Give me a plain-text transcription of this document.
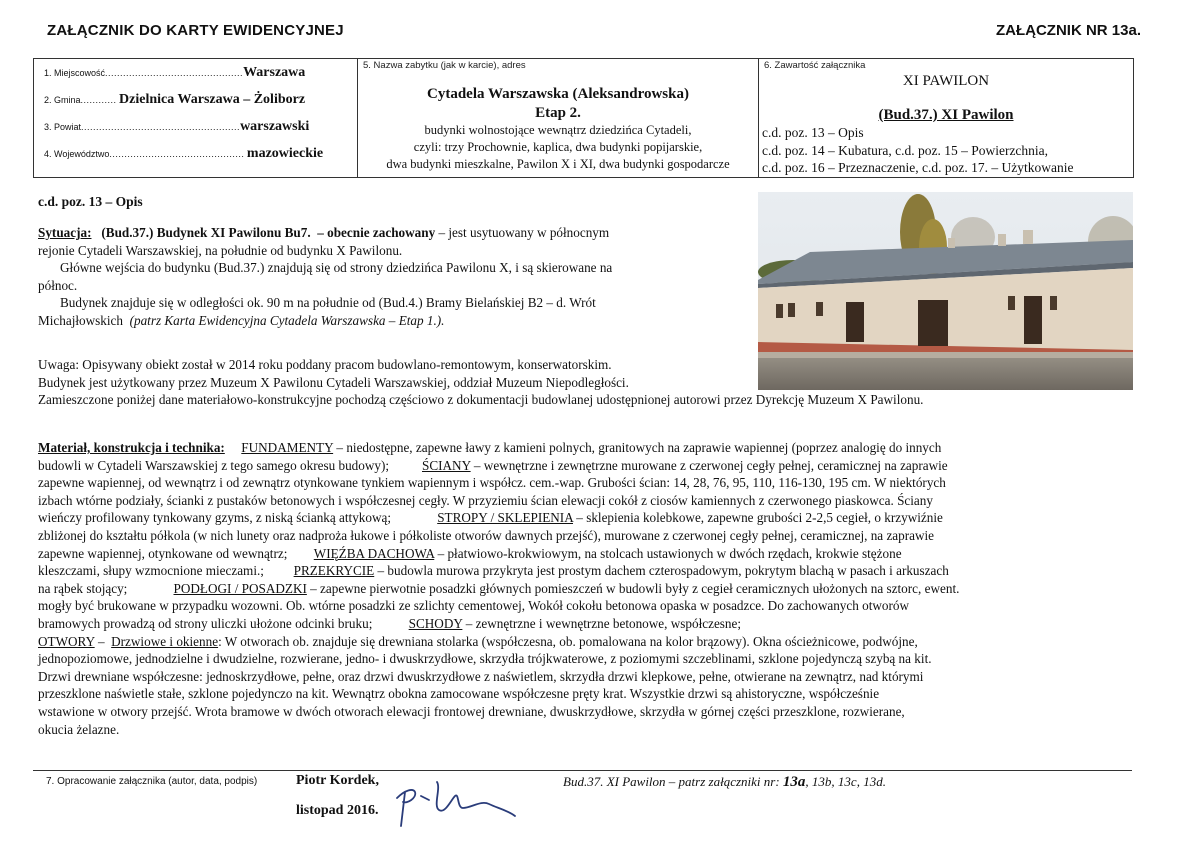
ZAŁĄCZNIK DO KARTY EWIDENCYJNEJ	ZAŁĄCZNIK NR 13a.
1. Miejscowość..............................................Warszawa
2. Gmina............ Dzielnica Warszawa – Żoliborz
3. Powiat.....................................................warszawski
4. Województwo............................................. mazowieckie
5. Nazwa zabytku (jak w karcie), adres
Cytadela Warszawska (Aleksandrowska)
Etap 2.
budynki wolnostojące wewnątrz dziedzińca Cytadeli,
czyli: trzy Prochownie, kaplica, dwa budynki popijarskie,
dwa budynki mieszkalne, Pawilon X i XI, dwa budynki gospodarcze
6. Zawartość załącznika
XI PAWILON
(Bud.37.) XI Pawilon
c.d. poz. 13 – Opis
c.d. poz. 14 – Kubatura, c.d. poz. 15 – Powierzchnia,
c.d. poz. 16 – Przeznaczenie, c.d. poz. 17. – Użytkowanie
c.d. poz. 13 – Opis
Sytuacja: (Bud.37.) Budynek XI Pawilonu Bu7. – obecnie zachowany – jest usytuowany w północnym
rejonie Cytadeli Warszawskiej, na południe od budynku X Pawilonu.
Główne wejścia do budynku (Bud.37.) znajdują się od strony dziedzińca Pawilonu X, i są skierowane na
północ.
Budynek znajduje się w odległości ok. 90 m na południe od (Bud.4.) Bramy Bielańskiej B2 – d. Wrót
Michajłowskich (patrz Karta Ewidencyjna Cytadela Warszawska – Etap 1.).
Uwaga: Opisywany obiekt został w 2014 roku poddany pracom budowlano-remontowym, konserwatorskim.
Budynek jest użytkowany przez Muzeum X Pawilonu Cytadeli Warszawskiej, oddział Muzeum Niepodległości.
Zamieszczone poniżej dane materiałowo-konstrukcyjne pochodzą częściowo z dokumentacji budowlanej udostępnionej autorowi przez Dyrekcję Muzeum X Pawilonu.
Materiał, konstrukcja i technika: FUNDAMENTY – niedostępne, zapewne ławy z kamieni polnych, granitowych na zaprawie wapiennej (poprzez analogię do innych
budowli w Cytadeli Warszawskiej z tego samego okresu budowy); ŚCIANY – wewnętrzne i zewnętrzne murowane z czerwonej cegły pełnej, ceramicznej na zaprawie
zapewne wapiennej, od wewnątrz i od zewnątrz otynkowane tynkiem wapiennym i współcz. cem.-wap. Grubości ścian: 14, 28, 76, 95, 110, 116-130, 195 cm. W niektórych
izbach wtórne podziały, ścianki z pustaków betonowych i współczesnej cegły. W przyziemiu ścian elewacji cokół z ciosów kamiennych z czerwonego piaskowca. Ściany
wieńczy profilowany tynkowany gzyms, z niską ścianką attykową;	STROPY / SKLEPIENIA – sklepienia kolebkowe, zapewne grubości 2-2,5 cegieł, o krzywiźnie
zbliżonej do kształtu półkola (w nich lunety oraz nadproża łukowe i półkoliste otworów dawnych przejść), murowane z czerwonej cegły pełnej, ceramicznej, na zaprawie
zapewne wapiennej, otynkowane od wewnątrz; WIĘŹBA DACHOWA – płatwiowo-krokwiowym, na stolcach ustawionych w dwóch rzędach, krokwie stężone
kleszczami, słupy wzmocnione mieczami.; PRZEKRYCIE – budowla murowa przykryta jest prostym dachem czterospadowym, pokrytym blachą w pasach i arkuszach
na rąbek stojący;	PODŁOGI / POSADZKI – zapewne pierwotnie posadzki głównych pomieszczeń w budowli były z cegieł ceramicznych ułożonych na sztorc, ewent.
mogły być brukowane w przypadku wozowni. Ob. wtórne posadzki ze szlichty cementowej, Wokół cokołu betonowa opaska w posadzce. Do zachowanych otworów
bramowych prowadzą od strony uliczki ułożone odcinki bruku;	SCHODY – zewnętrzne i wewnętrzne betonowe, współczesne;
OTWORY –  Drzwiowe i okienne: W otworach ob. znajduje się drewniana stolarka (współczesna, ob. pomalowana na kolor brązowy). Okna ościeżnicowe, podwójne,
jednopoziomowe, jednodzielne i dwudzielne, rozwierane, jedno- i dwuskrzydłowe, skrzydła trójkwaterowe, z poziomymi szczeblinami, szklone pojedynczą szybą na kit.
Drzwi drewniane współczesne: jednoskrzydłowe, pełne, oraz drzwi dwuskrzydłowe z naświetlem, skrzydła drzwi klepkowe, pełne, otwierane na zewnątrz, nad którymi
przeszklone naświetle stałe, szklone pojedynczo na kit. Wewnątrz obokna zamocowane współczesne pręty krat. Wszystkie drzwi są ahistoryczne, współcześnie
wstawione w otwory przejść. Wrota bramowe w dwóch otworach elewacji frontowej drewniane, dwuskrzydłowe, skrzydła w górnej części przeszklone, rozwierane,
okucia żelazne.
7. Opracowanie załącznika (autor, data, podpis)	Piotr Kordek,
listopad 2016.
Bud.37. XI Pawilon – patrz załączniki nr: 13a, 13b, 13c, 13d.
